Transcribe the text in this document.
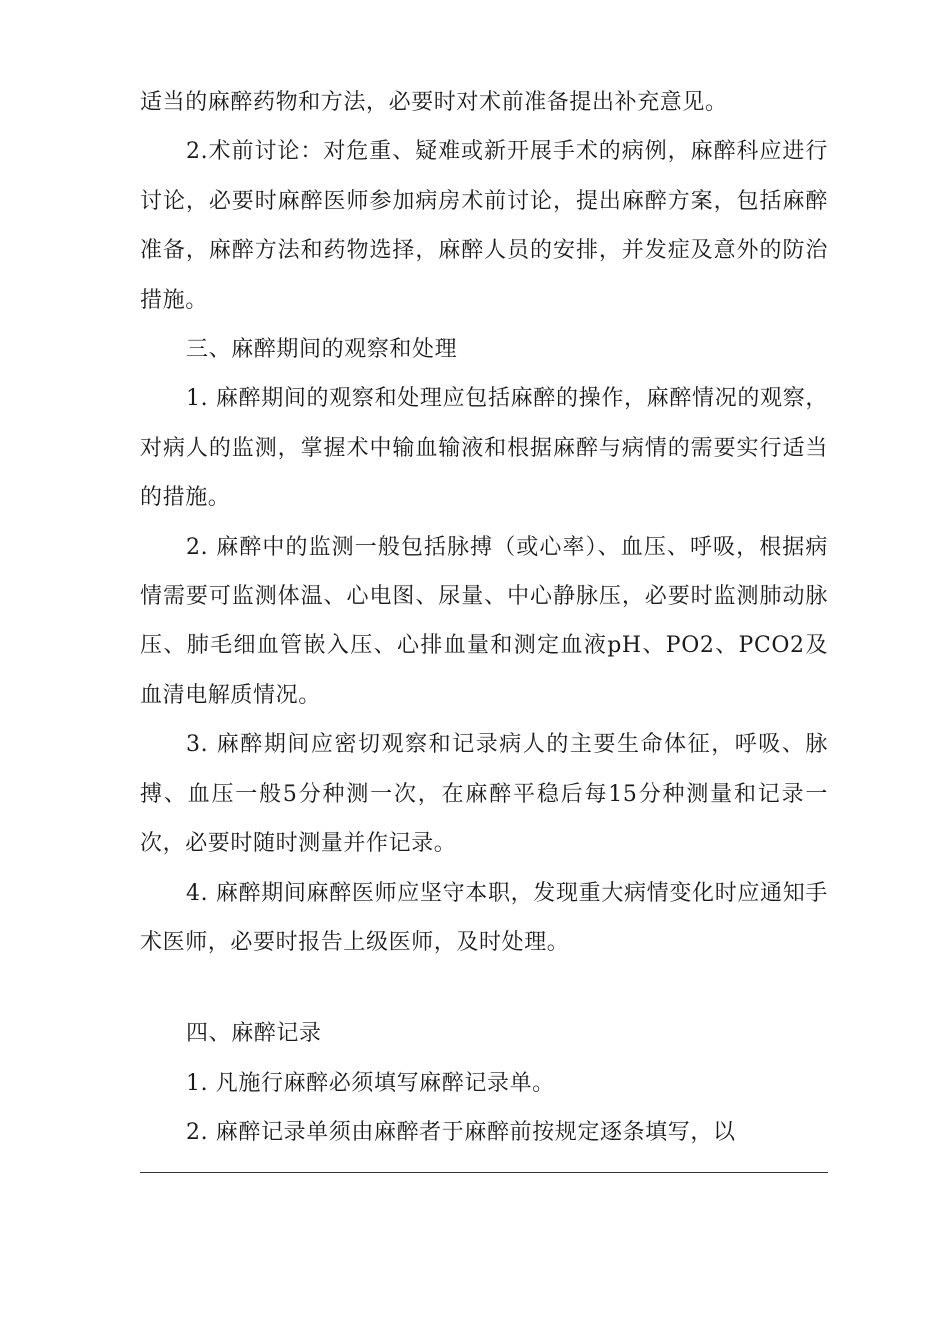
适当的麻醉药物和方法，必要时对术前准备提出补充意见。

2.术前讨论：对危重、疑难或新开展手术的病例，麻醉科应进行讨论，必要时麻醉医师参加病房术前讨论，提出麻醉方案，包括麻醉准备，麻醉方法和药物选择，麻醉人员的安排，并发症及意外的防治措施。

三、麻醉期间的观察和处理

1. 麻醉期间的观察和处理应包括麻醉的操作，麻醉情况的观察，对病人的监测，掌握术中输血输液和根据麻醉与病情的需要实行适当的措施。

2. 麻醉中的监测一般包括脉搏（或心率）、血压、呼吸，根据病情需要可监测体温、心电图、尿量、中心静脉压，必要时监测肺动脉压、肺毛细血管嵌入压、心排血量和测定血液pH、PO2、PCO2及血清电解质情况。

3. 麻醉期间应密切观察和记录病人的主要生命体征，呼吸、脉搏、血压一般5分种测一次，在麻醉平稳后每15分种测量和记录一次，必要时随时测量并作记录。

4. 麻醉期间麻醉医师应坚守本职，发现重大病情变化时应通知手术医师，必要时报告上级医师，及时处理。

四、麻醉记录

1. 凡施行麻醉必须填写麻醉记录单。

2. 麻醉记录单须由麻醉者于麻醉前按规定逐条填写，以
